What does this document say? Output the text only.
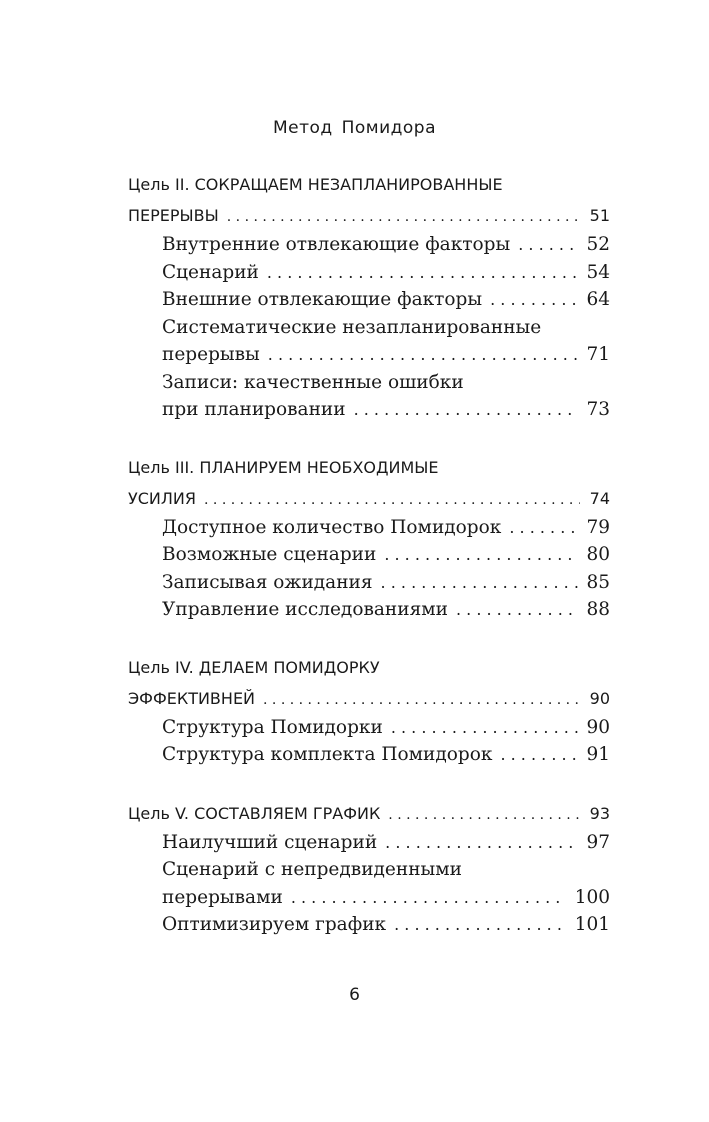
Метод Помидора
Цель II. СОКРАЩАЕМ НЕЗАПЛАНИРОВАННЫЕ
ПЕРЕРЫВЫ . . .	51
Внутренние отвлекающие факторы . . .	52
Сценарий . . .	54
Внешние отвлекающие факторы . . .	64
Систематические незапланированные
перерывы . . .	71
Записи: качественные ошибки
при планировании . . .	73
Цель III. ПЛАНИРУЕМ НЕОБХОДИМЫЕ
УСИЛИЯ . . .	74
Доступное количество Помидорок . . .	79
Возможные сценарии . . .	80
Записывая ожидания . . .	85
Управление исследованиями . . .	88
Цель IV. ДЕЛАЕМ ПОМИДОРКУ
ЭФФЕКТИВНЕЙ . . .	90
Структура Помидорки . . .	90
Структура комплекта Помидорок . . .	91
Цель V. СОСТАВЛЯЕМ ГРАФИК . . .	93
Наилучший сценарий . . .	97
Сценарий с непредвиденными
перерывами . . .	100
Оптимизируем график . . .	101
6
